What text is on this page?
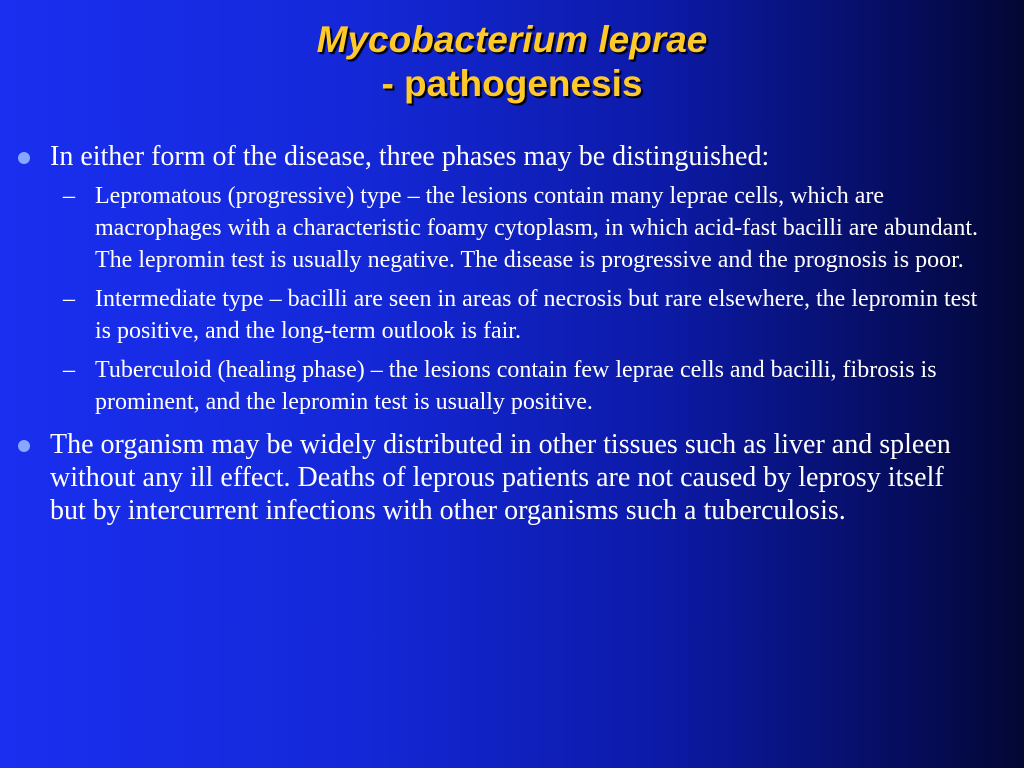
Mycobacterium leprae
- pathogenesis

In either form of the disease, three phases may be distinguished:

– Lepromatous (progressive) type – the lesions contain many leprae cells, which are macrophages with a characteristic foamy cytoplasm, in which acid-fast bacilli are abundant. The lepromin test is usually negative. The disease is progressive and the prognosis is poor.

– Intermediate type – bacilli are seen in areas of necrosis but rare elsewhere, the lepromin test is positive, and the long-term outlook is fair.

– Tuberculoid (healing phase) – the lesions contain few leprae cells and bacilli, fibrosis is prominent, and the lepromin test is usually positive.

The organism may be widely distributed in other tissues such as liver and spleen without any ill effect. Deaths of leprous patients are not caused by leprosy itself but by intercurrent infections with other organisms such a tuberculosis.
